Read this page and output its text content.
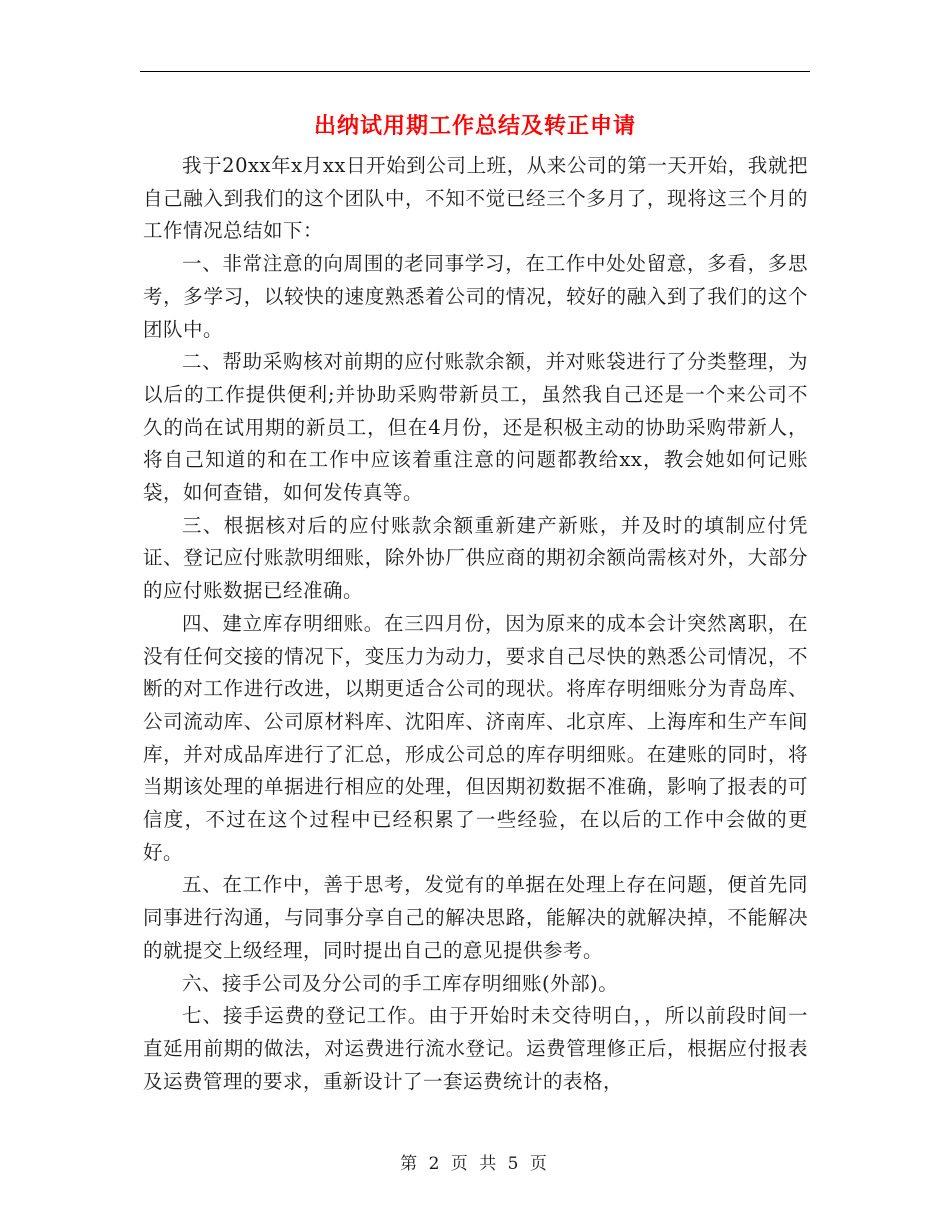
出纳试用期工作总结及转正申请

我于20xx年x月xx日开始到公司上班，从来公司的第一天开始，我就把自己融入到我们的这个团队中，不知不觉已经三个多月了，现将这三个月的工作情况总结如下：

一、非常注意的向周围的老同事学习，在工作中处处留意，多看，多思考，多学习，以较快的速度熟悉着公司的情况，较好的融入到了我们的这个团队中。

二、帮助采购核对前期的应付账款余额，并对账袋进行了分类整理，为以后的工作提供便利;并协助采购带新员工，虽然我自己还是一个来公司不久的尚在试用期的新员工，但在4月份，还是积极主动的协助采购带新人，将自己知道的和在工作中应该着重注意的问题都教给xx，教会她如何记账袋，如何查错，如何发传真等。

三、根据核对后的应付账款余额重新建产新账，并及时的填制应付凭证、登记应付账款明细账，除外协厂供应商的期初余额尚需核对外，大部分的应付账数据已经准确。

四、建立库存明细账。在三四月份，因为原来的成本会计突然离职，在没有任何交接的情况下，变压力为动力，要求自己尽快的熟悉公司情况，不断的对工作进行改进，以期更适合公司的现状。将库存明细账分为青岛库、公司流动库、公司原材料库、沈阳库、济南库、北京库、上海库和生产车间库，并对成品库进行了汇总，形成公司总的库存明细账。在建账的同时，将当期该处理的单据进行相应的处理，但因期初数据不准确，影响了报表的可信度，不过在这个过程中已经积累了一些经验，在以后的工作中会做的更好。

五、在工作中，善于思考，发觉有的单据在处理上存在问题，便首先同同事进行沟通，与同事分享自己的解决思路，能解决的就解决掉，不能解决的就提交上级经理，同时提出自己的意见提供参考。

六、接手公司及分公司的手工库存明细账(外部)。

七、接手运费的登记工作。由于开始时未交待明白，，所以前段时间一直延用前期的做法，对运费进行流水登记。运费管理修正后，根据应付报表及运费管理的要求，重新设计了一套运费统计的表格，

第 2 页 共 5 页
